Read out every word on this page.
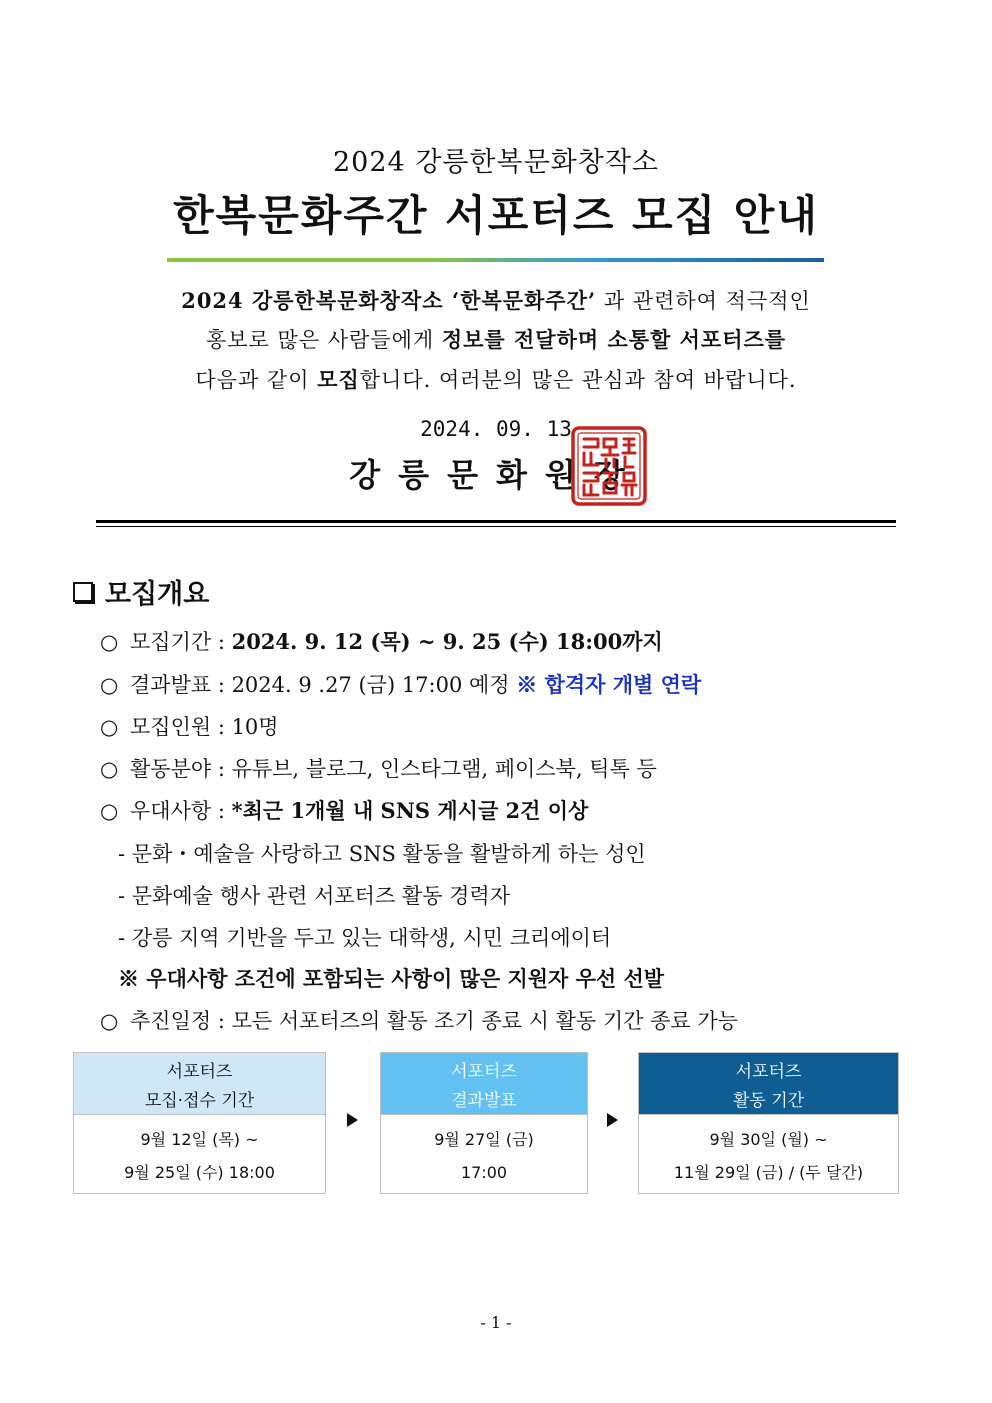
2024 강릉한복문화창작소
한복문화주간 서포터즈 모집 안내
2024 강릉한복문화창작소 ‘한복문화주간’ 과 관련하여 적극적인
홍보로 많은 사람들에게 정보를 전달하며 소통할 서포터즈를
다음과 같이 모집합니다. 여러분의 많은 관심과 참여 바랍니다.
2024. 09. 13
강릉문화원장
모집개요
○ 모집기간 : 2024. 9. 12 (목) ~ 9. 25 (수) 18:00까지
○ 결과발표 : 2024. 9 .27 (금) 17:00 예정 ※ 합격자 개별 연락
○ 모집인원 : 10명
○ 활동분야 : 유튜브, 블로그, 인스타그램, 페이스북, 틱톡 등
○ 우대사항 : *최근 1개월 내 SNS 게시글 2건 이상
- 문화・예술을 사랑하고 SNS 활동을 활발하게 하는 성인
- 문화예술 행사 관련 서포터즈 활동 경력자
- 강릉 지역 기반을 두고 있는 대학생, 시민 크리에이터
※ 우대사항 조건에 포함되는 사항이 많은 지원자 우선 선발
○ 추진일정 : 모든 서포터즈의 활동 조기 종료 시 활동 기간 종료 가능
서포터즈
모집·접수 기간
9월 12일 (목) ~
9월 25일 (수) 18:00
서포터즈
결과발표
9월 27일 (금)
17:00
서포터즈
활동 기간
9월 30일 (월) ~
11월 29일 (금) / (두 달간)
- 1 -
